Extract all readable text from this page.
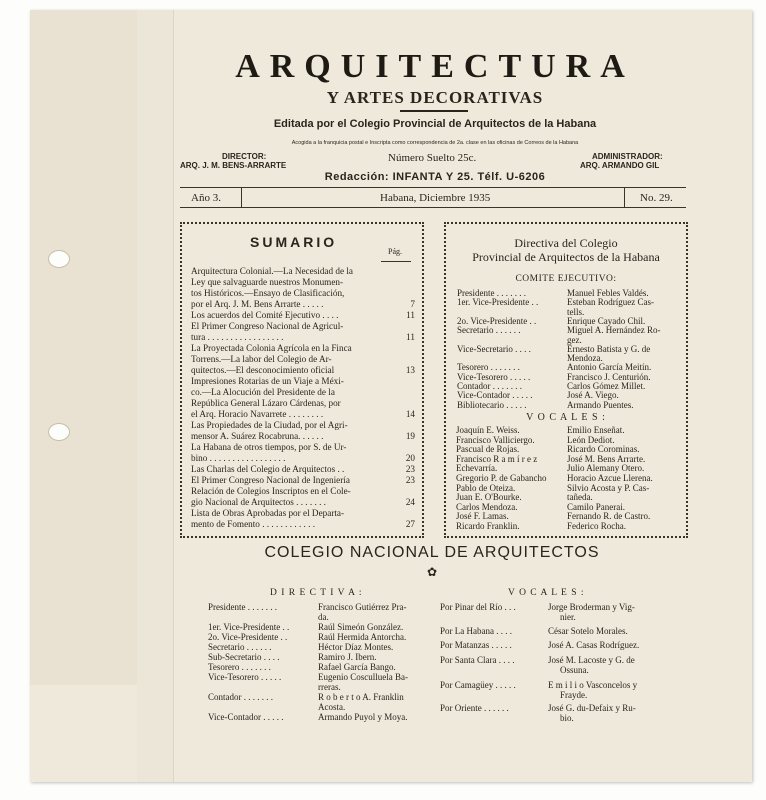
ARQUITECTURA
Y ARTES DECORATIVAS
Editada por el Colegio Provincial de Arquitectos de la Habana
Acogida a la franquicia postal e Inscripta como correspondencia de 2a. clase en las oficinas de Correos de la Habana
DIRECTOR:
ARQ. J. M. BENS-ARRARTE
Número Suelto 25c.	ADMINISTRADOR:
ARQ. ARMANDO GIL
Redacción: INFANTA Y 25. Télf. U-6206
Año 3.	Habana, Diciembre 1935	No. 29.
SUMARIO
Pág.
Arquitectura Colonial.—La Necesidad de la
Ley que salvaguarde nuestros Monumen-
tos Históricos.—Ensayo de Clasificación,
por el Arq. J. M. Bens Arrarte . . . . .	7
Los acuerdos del Comité Ejecutivo . . . .	11
El Primer Congreso Nacional de Agricul-
tura . . . . . . . . . . . . . . . . .	11
La Proyectada Colonia Agrícola en la Finca
Torrens.—La labor del Colegio de Ar-
quitectos.—El desconocimiento oficial	13
Impresiones Rotarias de un Viaje a Méxi-
co.—La Alocución del Presidente de la
República General Lázaro Cárdenas, por
el Arq. Horacio Navarrete . . . . . . . .	14
Las Propiedades de la Ciudad, por el Agri-
mensor A. Suárez Rocabruna. . . . . .	19
La Habana de otros tiempos, por S. de Ur-
bino . . . . . . . . . . . . . . . . .	20
Las Charlas del Colegio de Arquitectos . .	23
El Primer Congreso Nacional de Ingeniería	23
Relación de Colegios Inscriptos en el Cole-
gio Nacional de Arquitectos . . . . . . .	24
Lista de Obras Aprobadas por el Departa-
mento de Fomento . . . . . . . . . . . .	27
Directiva del Colegio
Provincial de Arquitectos de la Habana
COMITE EJECUTIVO:
Presidente . . . . . . .	Manuel Febles Valdés.
1er. Vice-Presidente . .	Esteban Rodríguez Cas-
tells.
2o. Vice-Presidente . .	Enrique Cayado Chil.
Secretario . . . . . .	Miguel A. Hernández Ro-
gez.
Vice-Secretario . . . .	Ernesto Batista y G. de
Mendoza.
Tesorero . . . . . . .	Antonio García Meitín.
Vice-Tesorero . . . . .	Francisco J. Centurión.
Contador . . . . . . .	Carlos Gómez Millet.
Vice-Contador . . . . .	José A. Viego.
Bibliotecario . . . . .	Armando Puentes.
V O C A L E S :
Joaquín E. Weiss.	Emilio Enseñat.
Francisco Valliciergo.	León Dediot.
Pascual de Rojas.	Ricardo Corominas.
Francisco R a m í r e z	José M. Bens Arrarte.
Echevarría.	Julio Alemany Otero.
Gregorio P. de Gabancho Horacio Azcue Llerena.
Pablo de Oteiza.	Silvio Acosta y P. Cas-
Juan E. O'Bourke.	tañeda.
Carlos Mendoza.	Camilo Panerai.
José F. Lamas.	Fernando R. de Castro.
Ricardo Franklin.	Federico Rocha.
COLEGIO NACIONAL DE ARQUITECTOS
✿
D I R E C T I V A :	V O C A L E S :
Presidente . . . . . . .	Francisco Gutiérrez Pra-
da.
1er. Vice-Presidente . .	Raúl Simeón González.
2o. Vice-Presidente . .	Raúl Hermida Antorcha.
Secretario . . . . . .	Héctor Díaz Montes.
Sub-Secretario . . . .	Ramiro J. Ibern.
Tesorero . . . . . . .	Rafael García Bango.
Vice-Tesorero . . . . .	Eugenio Cosculluela Ba-
rreras.
Contador . . . . . . .	R o b e r t o A. Franklin
Acosta.
Vice-Contador . . . . .	Armando Puyol y Moya.
Por Pinar del Río . . .	Jorge Broderman y Vig-
nier.
Por La Habana . . . .	César Sotelo Morales.
Por Matanzas . . . . .	José A. Casas Rodríguez.
Por Santa Clara . . . .	José M. Lacoste y G. de
Ossuna.
Por Camagüey . . . . .	E m i l i o Vasconcelos y
Frayde.
Por Oriente . . . . . .	José G. du-Defaix y Ru-
bio.
